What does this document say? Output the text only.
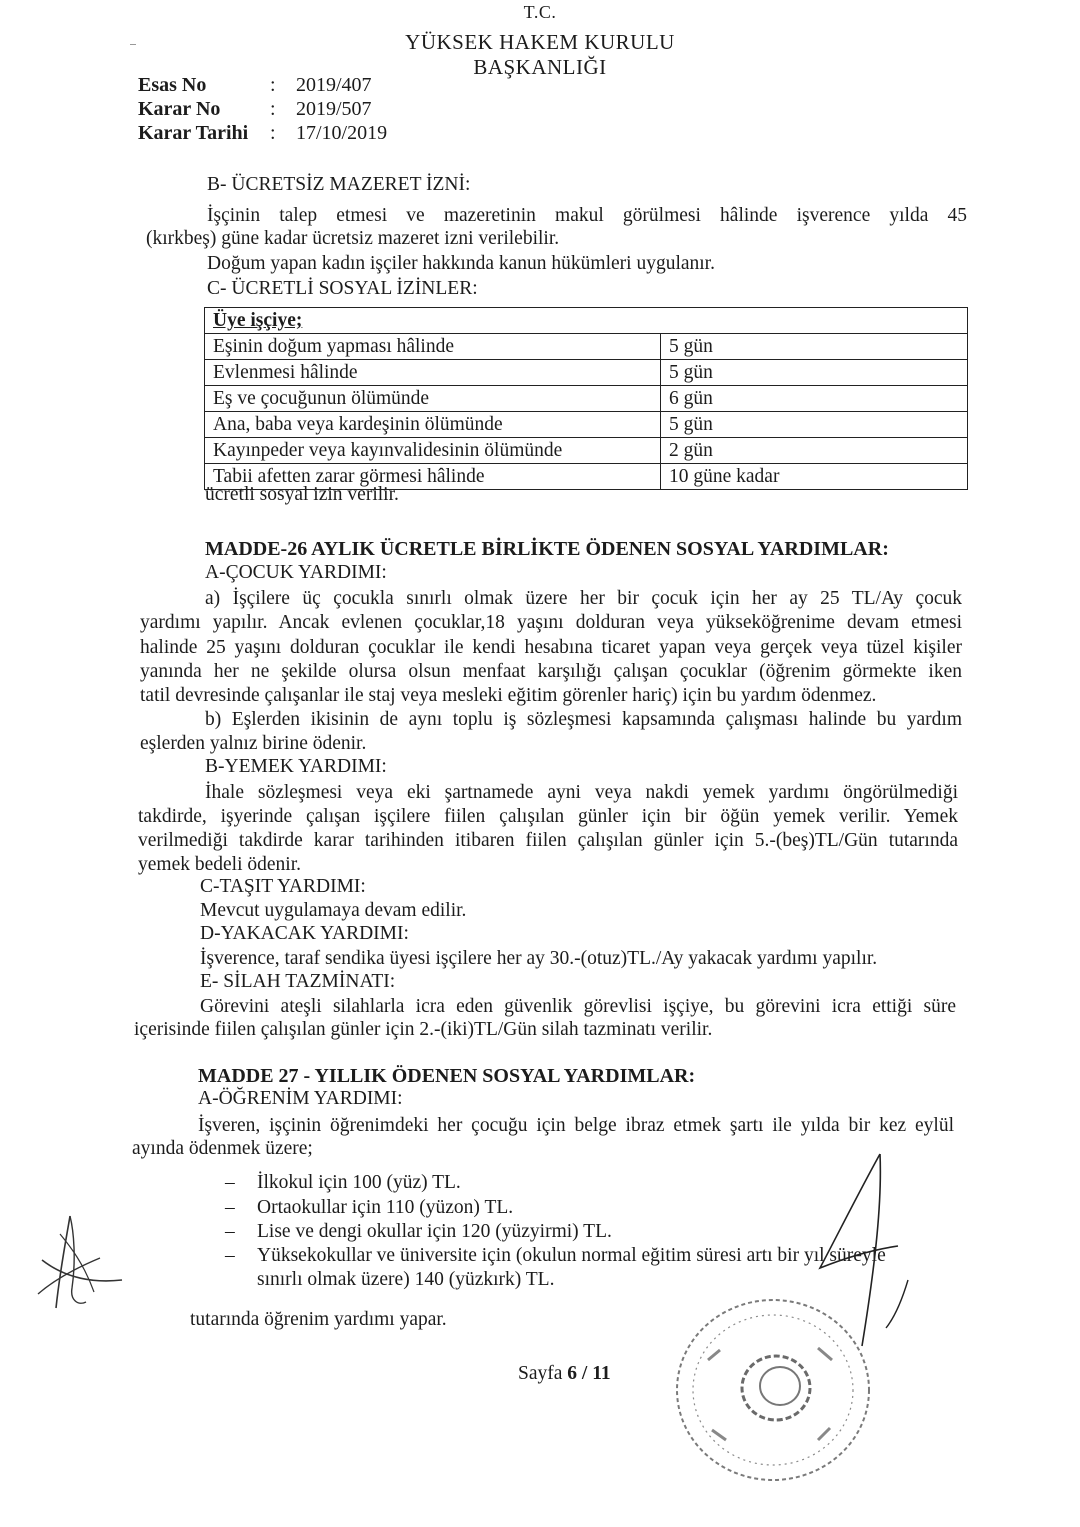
T.C.
YÜKSEK HAKEM KURULU
BAŞKANLIĞI
Esas No	: 2019/407
Karar No : 2019/507
Karar Tarihi : 17/10/2019
B- ÜCRETSİZ MAZERET İZNİ:
İşçinin talep etmesi ve mazeretinin makul görülmesi hâlinde işverence yılda 45
(kırkbeş) güne kadar ücretsiz mazeret izni verilebilir.
Doğum yapan kadın işçiler hakkında kanun hükümleri uygulanır.
C- ÜCRETLİ SOSYAL İZİNLER:
Üye işçiye;	
Eşinin doğum yapması hâlinde	5 gün
Evlenmesi hâlinde	5 gün
Eş ve çocuğunun ölümünde	6 gün
Ana, baba veya kardeşinin ölümünde	5 gün
Kayınpeder veya kayınvalidesinin ölümünde	2 gün
Tabii afetten zarar görmesi hâlinde	10 güne kadar
ücretli sosyal izin verilir.
MADDE-26 AYLIK ÜCRETLE BİRLİKTE ÖDENEN SOSYAL YARDIMLAR:
A-ÇOCUK YARDIMI:
a) İşçilere üç çocukla sınırlı olmak üzere her bir çocuk için her ay 25 TL/Ay çocuk
yardımı yapılır. Ancak evlenen çocuklar,18 yaşını dolduran veya yükseköğrenime devam etmesi
halinde 25 yaşını dolduran çocuklar ile kendi hesabına ticaret yapan veya gerçek veya tüzel kişiler
yanında her ne şekilde olursa olsun menfaat karşılığı çalışan çocuklar (öğrenim görmekte iken
tatil devresinde çalışanlar ile staj veya mesleki eğitim görenler hariç) için bu yardım ödenmez.
b) Eşlerden ikisinin de aynı toplu iş sözleşmesi kapsamında çalışması halinde bu yardım
eşlerden yalnız birine ödenir.
B-YEMEK YARDIMI:
İhale sözleşmesi veya eki şartnamede ayni veya nakdi yemek yardımı öngörülmediği
takdirde, işyerinde çalışan işçilere fiilen çalışılan günler için bir öğün yemek verilir. Yemek
verilmediği takdirde karar tarihinden itibaren fiilen çalışılan günler için 5.-(beş)TL/Gün tutarında
yemek bedeli ödenir.
C-TAŞIT YARDIMI:
Mevcut uygulamaya devam edilir.
D-YAKACAK YARDIMI:
İşverence, taraf sendika üyesi işçilere her ay 30.-(otuz)TL./Ay yakacak yardımı yapılır.
E- SİLAH TAZMİNATI:
Görevini ateşli silahlarla icra eden güvenlik görevlisi işçiye, bu görevini icra ettiği süre
içerisinde fiilen çalışılan günler için 2.-(iki)TL/Gün silah tazminatı verilir.
MADDE 27 - YILLIK ÖDENEN SOSYAL YARDIMLAR:
A-ÖĞRENİM YARDIMI:
İşveren, işçinin öğrenimdeki her çocuğu için belge ibraz etmek şartı ile yılda bir kez eylül
ayında ödenmek üzere;
– İlkokul için 100 (yüz) TL.
– Ortaokullar için 110 (yüzon) TL.
– Lise ve dengi okullar için 120 (yüzyirmi) TL.
– Yüksekokullar ve üniversite için (okulun normal eğitim süresi artı bir yıl süreyle
sınırlı olmak üzere) 140 (yüzkırk) TL.
tutarında öğrenim yardımı yapar.
Sayfa 6 / 11
